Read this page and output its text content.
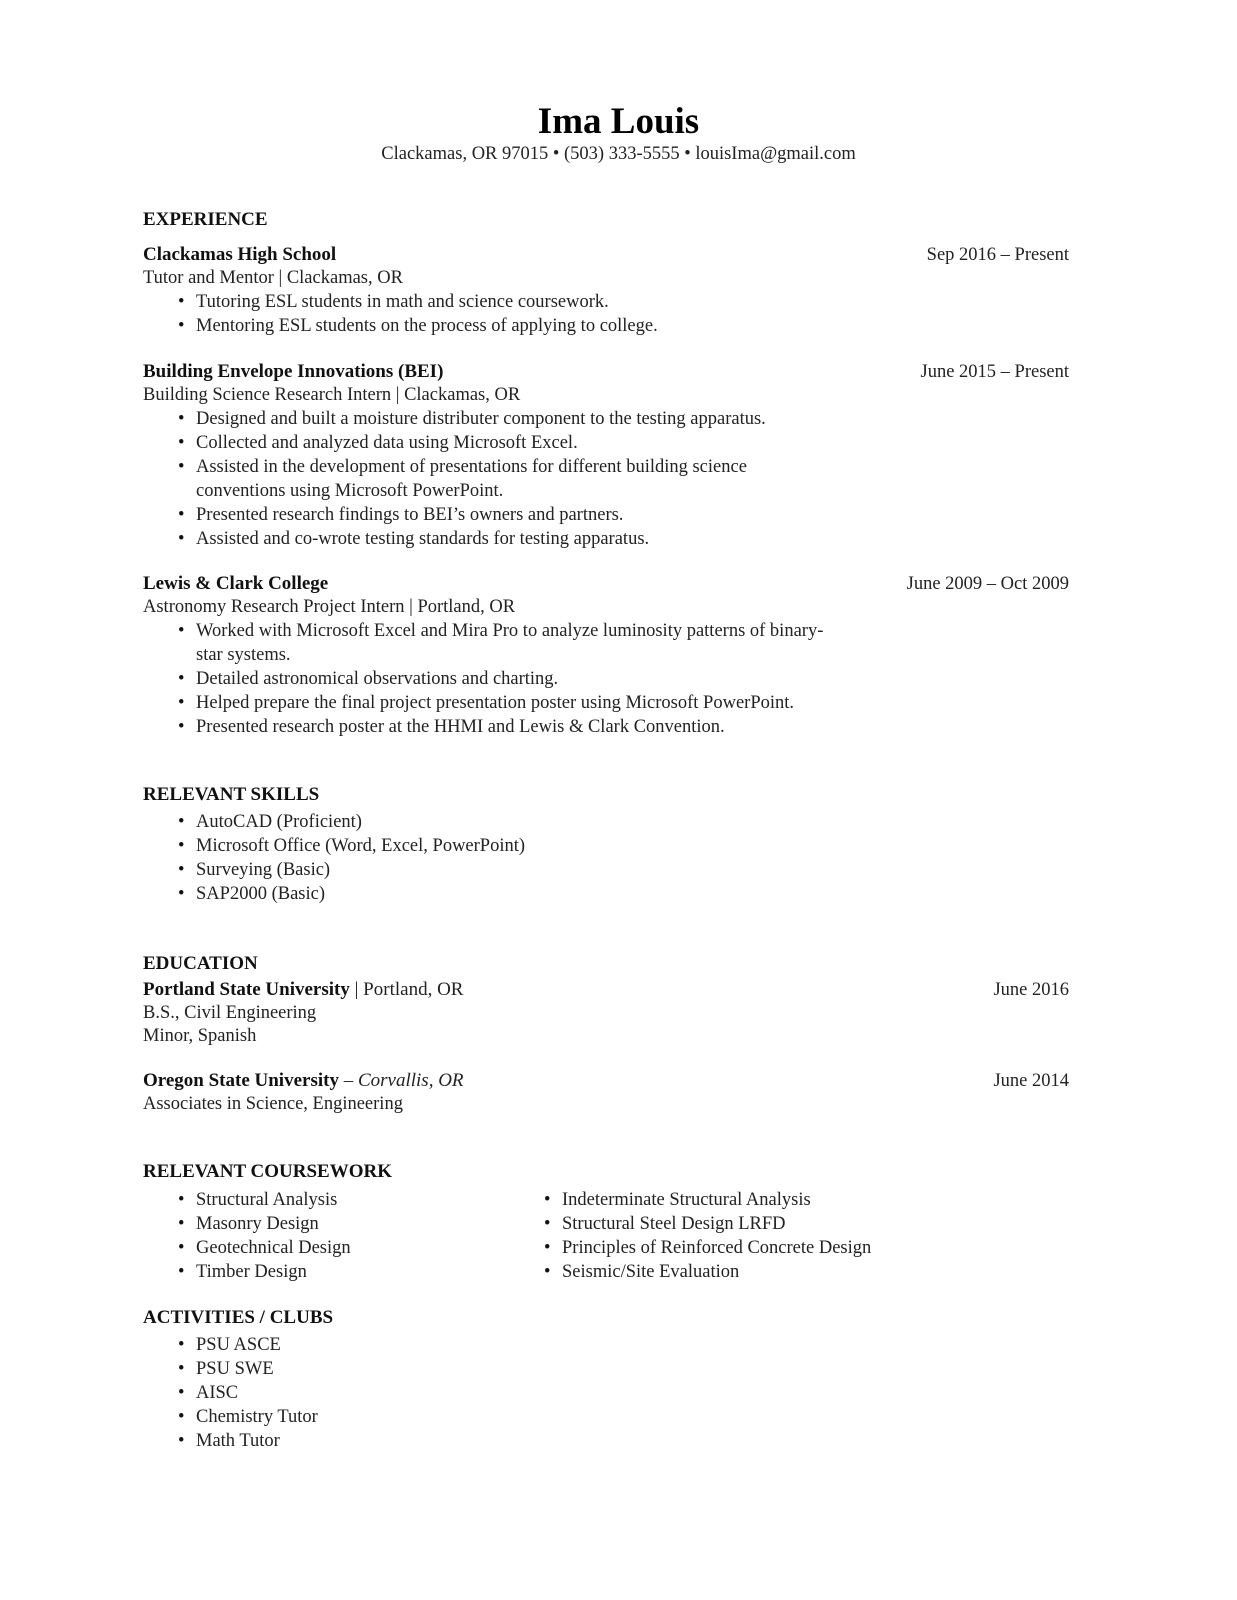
Ima Louis
Clackamas, OR 97015 • (503) 333-5555 • louisIma@gmail.com
EXPERIENCE
Clackamas High School	Sep 2016 – Present
Tutor and Mentor | Clackamas, OR
• Tutoring ESL students in math and science coursework.
• Mentoring ESL students on the process of applying to college.
Building Envelope Innovations (BEI)	June 2015 – Present
Building Science Research Intern | Clackamas, OR
• Designed and built a moisture distributer component to the testing apparatus.
• Collected and analyzed data using Microsoft Excel.
• Assisted in the development of presentations for different building science conventions using Microsoft PowerPoint.
• Presented research findings to BEI’s owners and partners.
• Assisted and co-wrote testing standards for testing apparatus.
Lewis & Clark College	June 2009 – Oct 2009
Astronomy Research Project Intern | Portland, OR
• Worked with Microsoft Excel and Mira Pro to analyze luminosity patterns of binary-star systems.
• Detailed astronomical observations and charting.
• Helped prepare the final project presentation poster using Microsoft PowerPoint.
• Presented research poster at the HHMI and Lewis & Clark Convention.
RELEVANT SKILLS
• AutoCAD (Proficient)
• Microsoft Office (Word, Excel, PowerPoint)
• Surveying (Basic)
• SAP2000 (Basic)
EDUCATION
Portland State University | Portland, OR	June 2016
B.S., Civil Engineering
Minor, Spanish
Oregon State University – Corvallis, OR	June 2014
Associates in Science, Engineering
RELEVANT COURSEWORK
• Structural Analysis
• Masonry Design
• Geotechnical Design
• Timber Design
• Indeterminate Structural Analysis
• Structural Steel Design LRFD
• Principles of Reinforced Concrete Design
• Seismic/Site Evaluation
ACTIVITIES / CLUBS
• PSU ASCE
• PSU SWE
• AISC
• Chemistry Tutor
• Math Tutor
